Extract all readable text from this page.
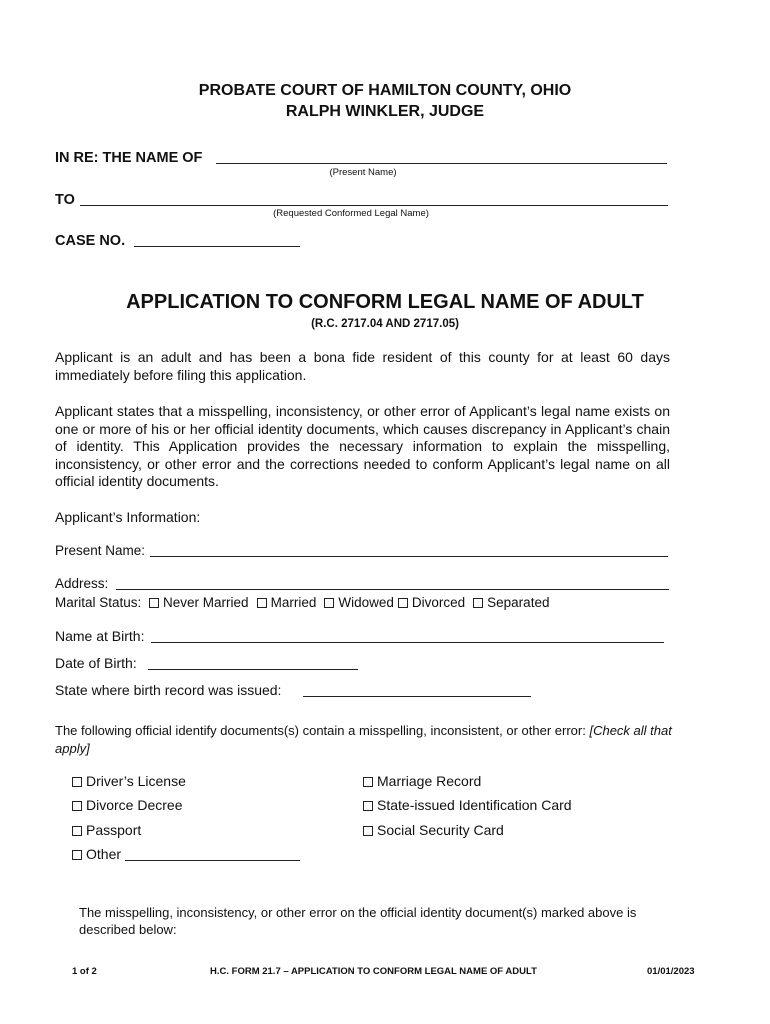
PROBATE COURT OF HAMILTON COUNTY, OHIO
RALPH WINKLER, JUDGE
IN RE: THE NAME OF
(Present Name)
TO
(Requested Conformed Legal Name)
CASE NO.
APPLICATION TO CONFORM LEGAL NAME OF ADULT
(R.C. 2717.04 AND 2717.05)
Applicant is an adult and has been a bona fide resident of this county for at least 60 days immediately before filing this application.
Applicant states that a misspelling, inconsistency, or other error of Applicant’s legal name exists on one or more of his or her official identity documents, which causes discrepancy in Applicant’s chain of identity. This Application provides the necessary information to explain the misspelling, inconsistency, or other error and the corrections needed to conform Applicant’s legal name on all official identity documents.
Applicant’s Information:
Present Name:
Address:
Marital Status: Never Married Married Widowed Divorced Separated
Name at Birth:
Date of Birth:
State where birth record was issued:
The following official identify documents(s) contain a misspelling, inconsistent, or other error: [Check all that apply]
Driver’s License
Divorce Decree
Passport
Other
Marriage Record
State-issued Identification Card
Social Security Card
The misspelling, inconsistency, or other error on the official identity document(s) marked above is described below:
1 of 2	H.C. FORM 21.7 – APPLICATION TO CONFORM LEGAL NAME OF ADULT	01/01/2023
